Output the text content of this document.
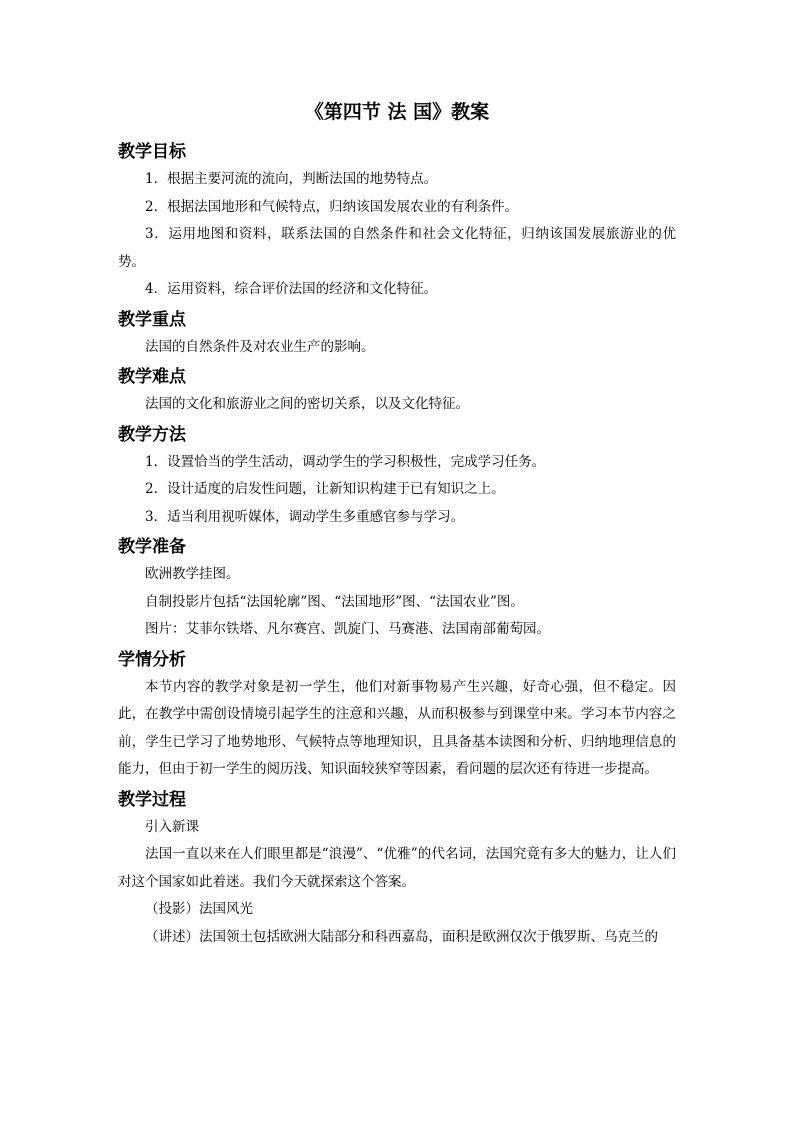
《第四节 法 国》教案
教学目标

1．根据主要河流的流向，判断法国的地势特点。

2．根据法国地形和气候特点，归纳该国发展农业的有利条件。

3．运用地图和资料，联系法国的自然条件和社会文化特征，归纳该国发展旅游业的优势。

4．运用资料，综合评价法国的经济和文化特征。

教学重点

法国的自然条件及对农业生产的影响。

教学难点

法国的文化和旅游业之间的密切关系，以及文化特征。

教学方法

1．设置恰当的学生活动，调动学生的学习积极性，完成学习任务。

2．设计适度的启发性问题，让新知识构建于已有知识之上。

3．适当利用视听媒体，调动学生多重感官参与学习。

教学准备

欧洲教学挂图。

自制投影片包括“法国轮廓”图、“法国地形”图、“法国农业”图。

图片：艾菲尔铁塔、凡尔赛宫、凯旋门、马赛港、法国南部葡萄园。

学情分析

本节内容的教学对象是初一学生，他们对新事物易产生兴趣，好奇心强，但不稳定。因此，在教学中需创设情境引起学生的注意和兴趣，从而积极参与到课堂中来。学习本节内容之前，学生已学习了地势地形、气候特点等地理知识，且具备基本读图和分析、归纳地理信息的能力，但由于初一学生的阅历浅、知识面较狭窄等因素，看问题的层次还有待进一步提高。

教学过程

引入新课

法国一直以来在人们眼里都是“浪漫”、“优雅”的代名词，法国究竟有多大的魅力，让人们对这个国家如此着迷。我们今天就探索这个答案。

（投影）法国风光

（讲述）法国领土包括欧洲大陆部分和科西嘉岛，面积是欧洲仅次于俄罗斯、乌克兰的
